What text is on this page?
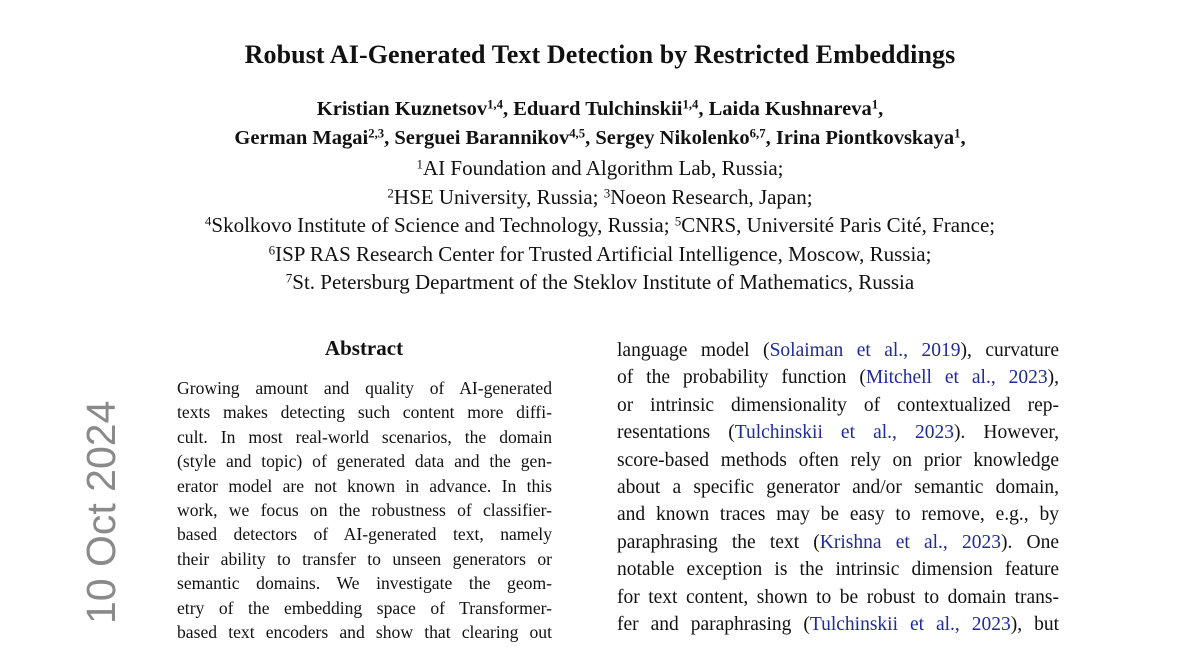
Robust AI-Generated Text Detection by Restricted Embeddings
Kristian Kuznetsov$^{1,4}$, Eduard Tulchinskii$^{1,4}$, Laida Kushnareva$^1$,
German Magai$^{2,3}$, Serguei Barannikov$^{4,5}$, Sergey Nikolenko$^{6,7}$, Irina Piontkovskaya$^1$,
$^1$AI Foundation and Algorithm Lab, Russia;
$^2$HSE University, Russia; $^3$Noeon Research, Japan;
$^4$Skolkovo Institute of Science and Technology, Russia; $^5$CNRS, Université Paris Cité, France;
$^6$ISP RAS Research Center for Trusted Artificial Intelligence, Moscow, Russia;
$^7$St. Petersburg Department of the Steklov Institute of Mathematics, Russia
Abstract
Growing amount and quality of AI-generated
texts makes detecting such content more diffi-
cult. In most real-world scenarios, the domain
(style and topic) of generated data and the gen-
erator model are not known in advance. In this
work, we focus on the robustness of classifier-
based detectors of AI-generated text, namely
their ability to transfer to unseen generators or
semantic domains. We investigate the geom-
etry of the embedding space of Transformer-
based text encoders and show that clearing out
language model (Solaiman et al., 2019), curvature
of the probability function (Mitchell et al., 2023),
or intrinsic dimensionality of contextualized rep-
resentations (Tulchinskii et al., 2023). However,
score-based methods often rely on prior knowledge
about a specific generator and/or semantic domain,
and known traces may be easy to remove, e.g., by
paraphrasing the text (Krishna et al., 2023). One
notable exception is the intrinsic dimension feature
for text content, shown to be robust to domain trans-
fer and paraphrasing (Tulchinskii et al., 2023), but
10 Oct 2024
